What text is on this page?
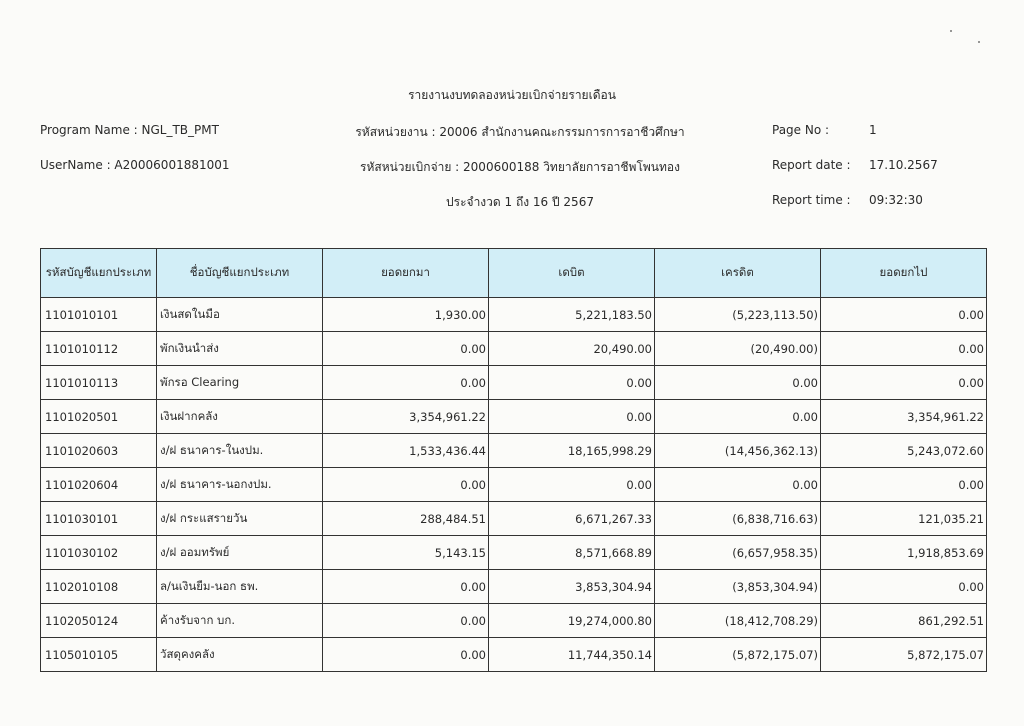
รายงานงบทดลองหน่วยเบิกจ่ายรายเดือน
Program Name : NGL_TB_PMT
UserName : A20006001881001
รหัสหน่วยงาน : 20006 สำนักงานคณะกรรมการการอาชีวศึกษา
รหัสหน่วยเบิกจ่าย : 2000600188 วิทยาลัยการอาชีพโพนทอง
ประจำงวด 1 ถึง 16 ปี 2567
Page No :	1
Report date : 17.10.2567
Report time : 09:32:30
รหัสบัญชีแยกประเภท	ชื่อบัญชีแยกประเภท	ยอดยกมา	เดบิต	เครดิต	ยอดยกไป
1101010101	เงินสดในมือ	1,930.00	5,221,183.50	(5,223,113.50)	0.00
1101010112	พักเงินนำส่ง	0.00	20,490.00	(20,490.00)	0.00
1101010113	พักรอ Clearing	0.00	0.00	0.00	0.00
1101020501	เงินฝากคลัง	3,354,961.22	0.00	0.00	3,354,961.22
1101020603	ง/ฝ ธนาคาร-ในงปม.	1,533,436.44	18,165,998.29	(14,456,362.13)	5,243,072.60
1101020604	ง/ฝ ธนาคาร-นอกงปม.	0.00	0.00	0.00	0.00
1101030101	ง/ฝ กระแสรายวัน	288,484.51	6,671,267.33	(6,838,716.63)	121,035.21
1101030102	ง/ฝ ออมทรัพย์	5,143.15	8,571,668.89	(6,657,958.35)	1,918,853.69
1102010108	ล/นเงินยืม-นอก ธพ.	0.00	3,853,304.94	(3,853,304.94)	0.00
1102050124	ค้างรับจาก บก.	0.00	19,274,000.80	(18,412,708.29)	861,292.51
1105010105	วัสดุคงคลัง	0.00	11,744,350.14	(5,872,175.07)	5,872,175.07
